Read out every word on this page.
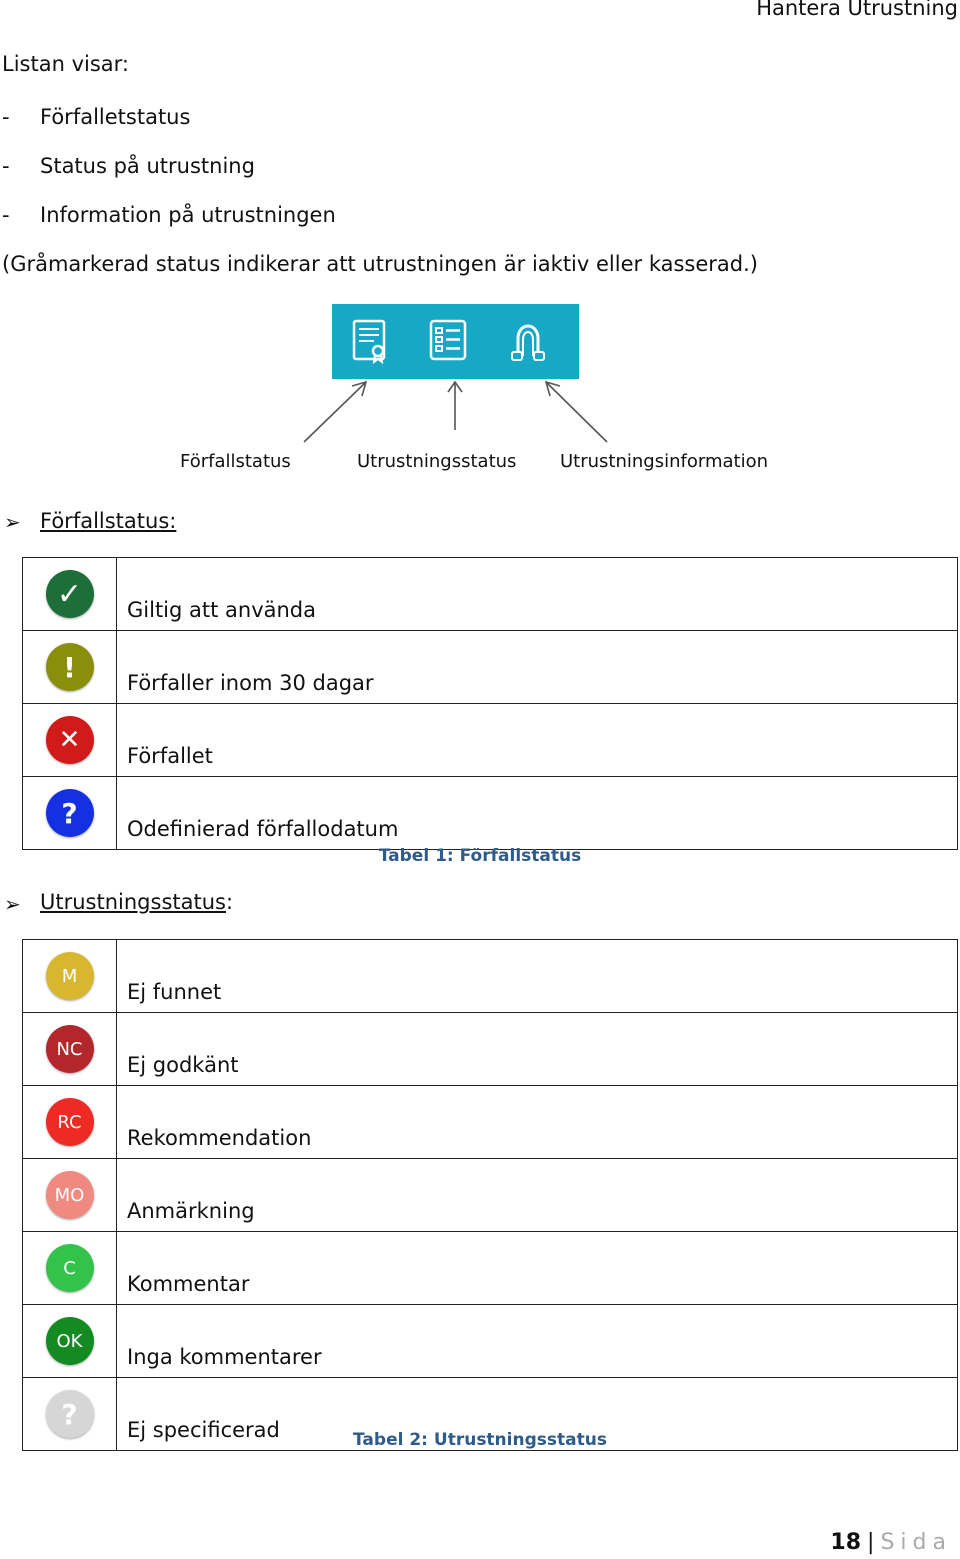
Hantera Utrustning
Listan visar:
- Förfalletstatus
- Status på utrustning
- Information på utrustningen
(Gråmarkerad status indikerar att utrustningen är iaktiv eller kasserad.)
Förfallstatus	Utrustningsstatus Utrustningsinformation
➢ Förfallstatus:
✓	Giltig att använda

!	Förfaller inom 30 dagar

✕	Förfallet

?	Odefinierad förfallodatum
Tabel 1: Förfallstatus
➢ Utrustningsstatus:
M	Ej funnet

NC	Ej godkänt

RC	Rekommendation

MO	Anmärkning

C	Kommentar

OK	Inga kommentarer

?	Ej specificerad	Tabel 2: Utrustningsstatus
18 | Sida
